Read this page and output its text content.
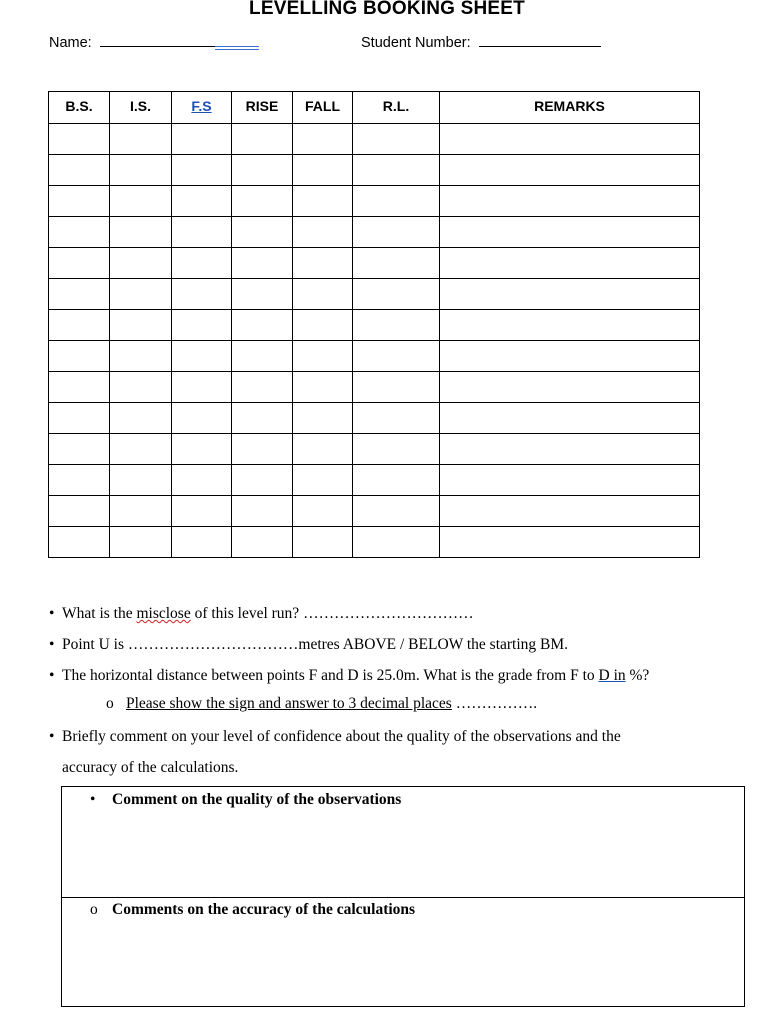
LEVELLING BOOKING SHEET
Name:	Student Number:
B.S.	I.S.	F.S	RISE	FALL	R.L.	REMARKS

• What is the misclose of this level run? ……………………………
• Point U is ……………………………metres ABOVE / BELOW the starting BM.
• The horizontal distance between points F and D is 25.0m. What is the grade from F to D in %?
o Please show the sign and answer to 3 decimal places …………….
• Briefly comment on your level of confidence about the quality of the observations and the
accuracy of the calculations.
• Comment on the quality of the observations
o Comments on the accuracy of the calculations
